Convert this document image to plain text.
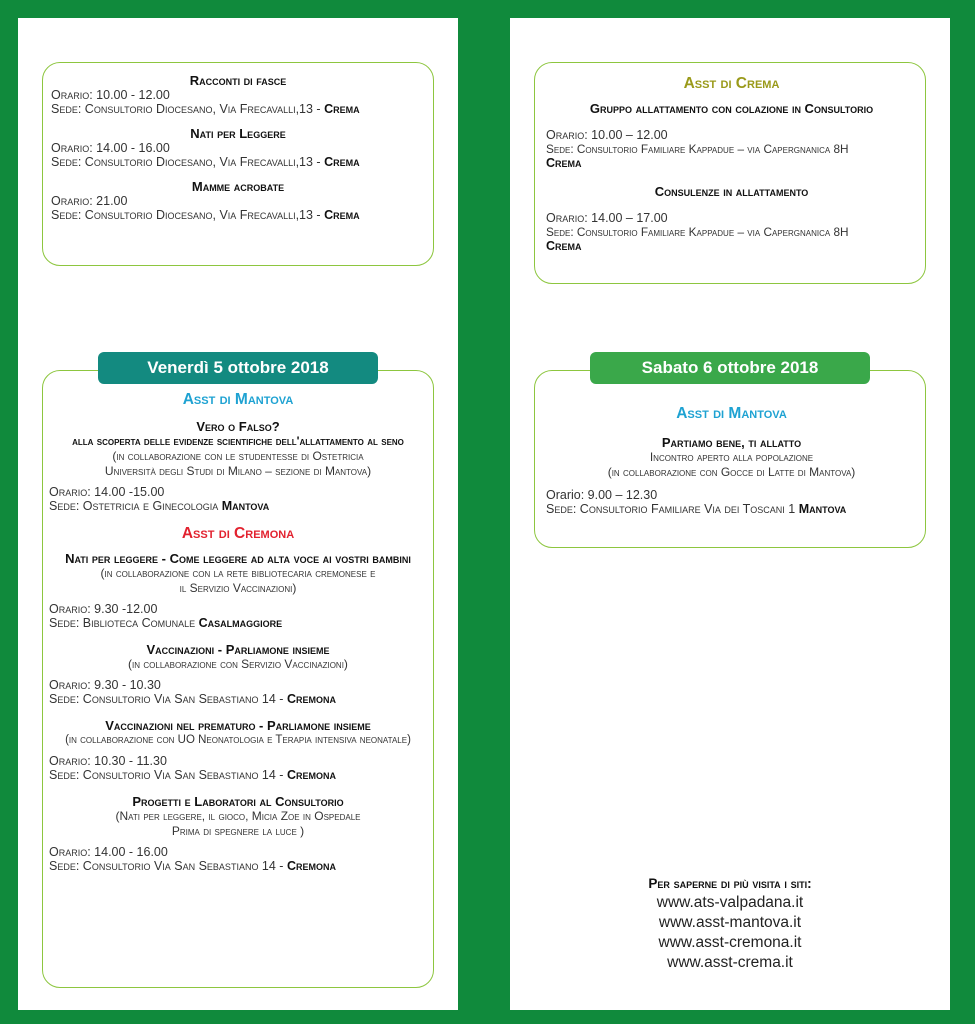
Racconti di fasce
Orario: 10.00 - 12.00
Sede: Consultorio Diocesano, Via Frecavalli,13 - Crema
Nati per Leggere
Orario: 14.00 - 16.00
Sede: Consultorio Diocesano, Via Frecavalli,13 - Crema
Mamme acrobate
Orario: 21.00
Sede: Consultorio Diocesano, Via Frecavalli,13 - Crema
Asst di Mantova
Vero o Falso?
alla scoperta delle evidenze scientifiche dell'allattamento al seno
(in collaborazione con le studentesse di Ostetricia
Università degli Studi di Milano – sezione di Mantova)
Orario: 14.00 -15.00
Sede: Ostetricia e Ginecologia Mantova
Asst di Cremona
Nati per leggere - Come leggere ad alta voce ai vostri bambini
(in collaborazione con la rete bibliotecaria cremonese e
il Servizio Vaccinazioni)
Orario: 9.30 -12.00
Sede: Biblioteca Comunale Casalmaggiore
Vaccinazioni - Parliamone insieme
(in collaborazione con Servizio Vaccinazioni)
Orario: 9.30 - 10.30
Sede: Consultorio Via San Sebastiano 14 - Cremona
Vaccinazioni nel prematuro - Parliamone insieme
(in collaborazione con UO Neonatologia e Terapia intensiva neonatale)
Orario: 10.30 - 11.30
Sede: Consultorio Via San Sebastiano 14 - Cremona
Progetti e Laboratori al Consultorio
(Nati per leggere, il gioco, Micia Zoe in Ospedale
Prima di spegnere la luce )
Orario: 14.00 - 16.00
Sede: Consultorio Via San Sebastiano 14 - Cremona
Venerdì 5 ottobre 2018
Asst di Crema
Gruppo allattamento con colazione in Consultorio
Orario: 10.00 – 12.00
Sede: Consultorio Familiare Kappadue – via Capergnanica 8H
Crema
Consulenze in allattamento
Orario: 14.00 – 17.00
Sede: Consultorio Familiare Kappadue – via Capergnanica 8H
Crema
Asst di Mantova
Partiamo bene, ti allatto
Incontro aperto alla popolazione
(in collaborazione con Gocce di Latte di Mantova)
Orario: 9.00 – 12.30
Sede: Consultorio Familiare Via dei Toscani 1 Mantova
Sabato 6 ottobre 2018
Per saperne di più visita i siti:
www.ats-valpadana.it
www.asst-mantova.it
www.asst-cremona.it
www.asst-crema.it
